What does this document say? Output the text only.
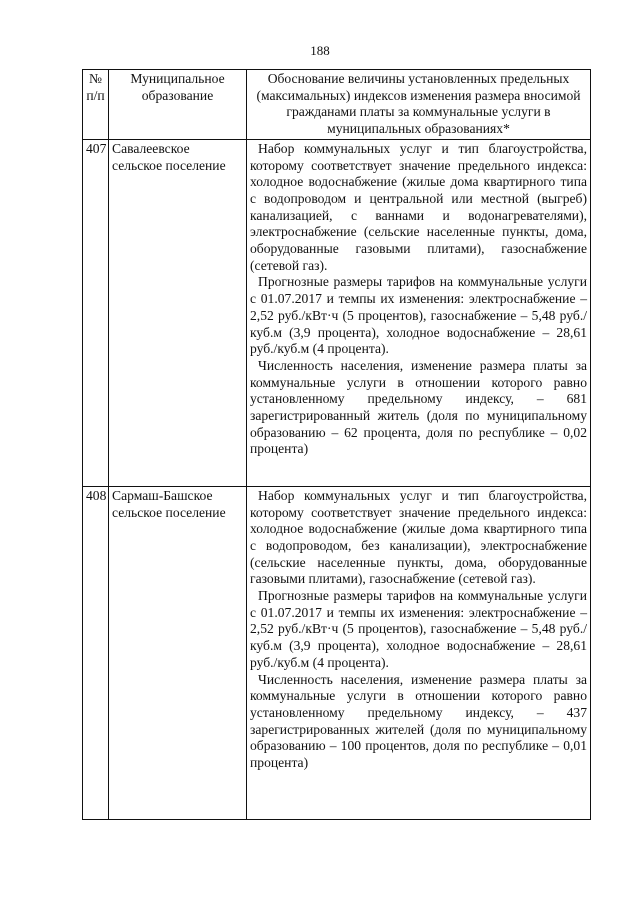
188
№ п/п	Муниципальное образование	Обоснование величины установленных предельных (максимальных) индексов изменения размера вносимой гражданами платы за коммунальные услуги в муниципальных образованиях*
407	Савалеевское сельское поселение	Набор коммунальных услуг и тип благоустройства, которому соответствует значение предельного индекса: холодное водоснабжение (жилые дома квартирного типа с водопроводом и центральной или местной (выгреб) канализацией, с ваннами и водонагревателями), электроснабжение (сельские населенные пункты, дома, оборудованные газовыми плитами), газоснабжение (сетевой газ).

Прогнозные размеры тарифов на коммунальные услуги с 01.07.2017 и темпы их изменения: электроснабжение – 2,52 руб./кВт·ч (5 процентов), газоснабжение – 5,48 руб./куб.м (3,9 процента), холодное водоснабжение – 28,61 руб./куб.м (4 процента).

Численность населения, изменение размера платы за коммунальные услуги в отношении которого равно установленному предельному индексу, – 681 зарегистрированный житель (доля по муниципальному образованию – 62 процента, доля по республике – 0,02 процента)

408	Сармаш-Башское сельское поселение	Набор коммунальных услуг и тип благоустройства, которому соответствует значение предельного индекса: холодное водоснабжение (жилые дома квартирного типа с водопроводом, без канализации), электроснабжение (сельские населенные пункты, дома, оборудованные газовыми плитами), газоснабжение (сетевой газ).

Прогнозные размеры тарифов на коммунальные услуги с 01.07.2017 и темпы их изменения: электроснабжение – 2,52 руб./кВт·ч (5 процентов), газоснабжение – 5,48 руб./куб.м (3,9 процента), холодное водоснабжение – 28,61 руб./куб.м (4 процента).

Численность населения, изменение размера платы за коммунальные услуги в отношении которого равно установленному предельному индексу, – 437 зарегистрированных жителей (доля по муниципальному образованию – 100 процентов, доля по республике – 0,01 процента)
